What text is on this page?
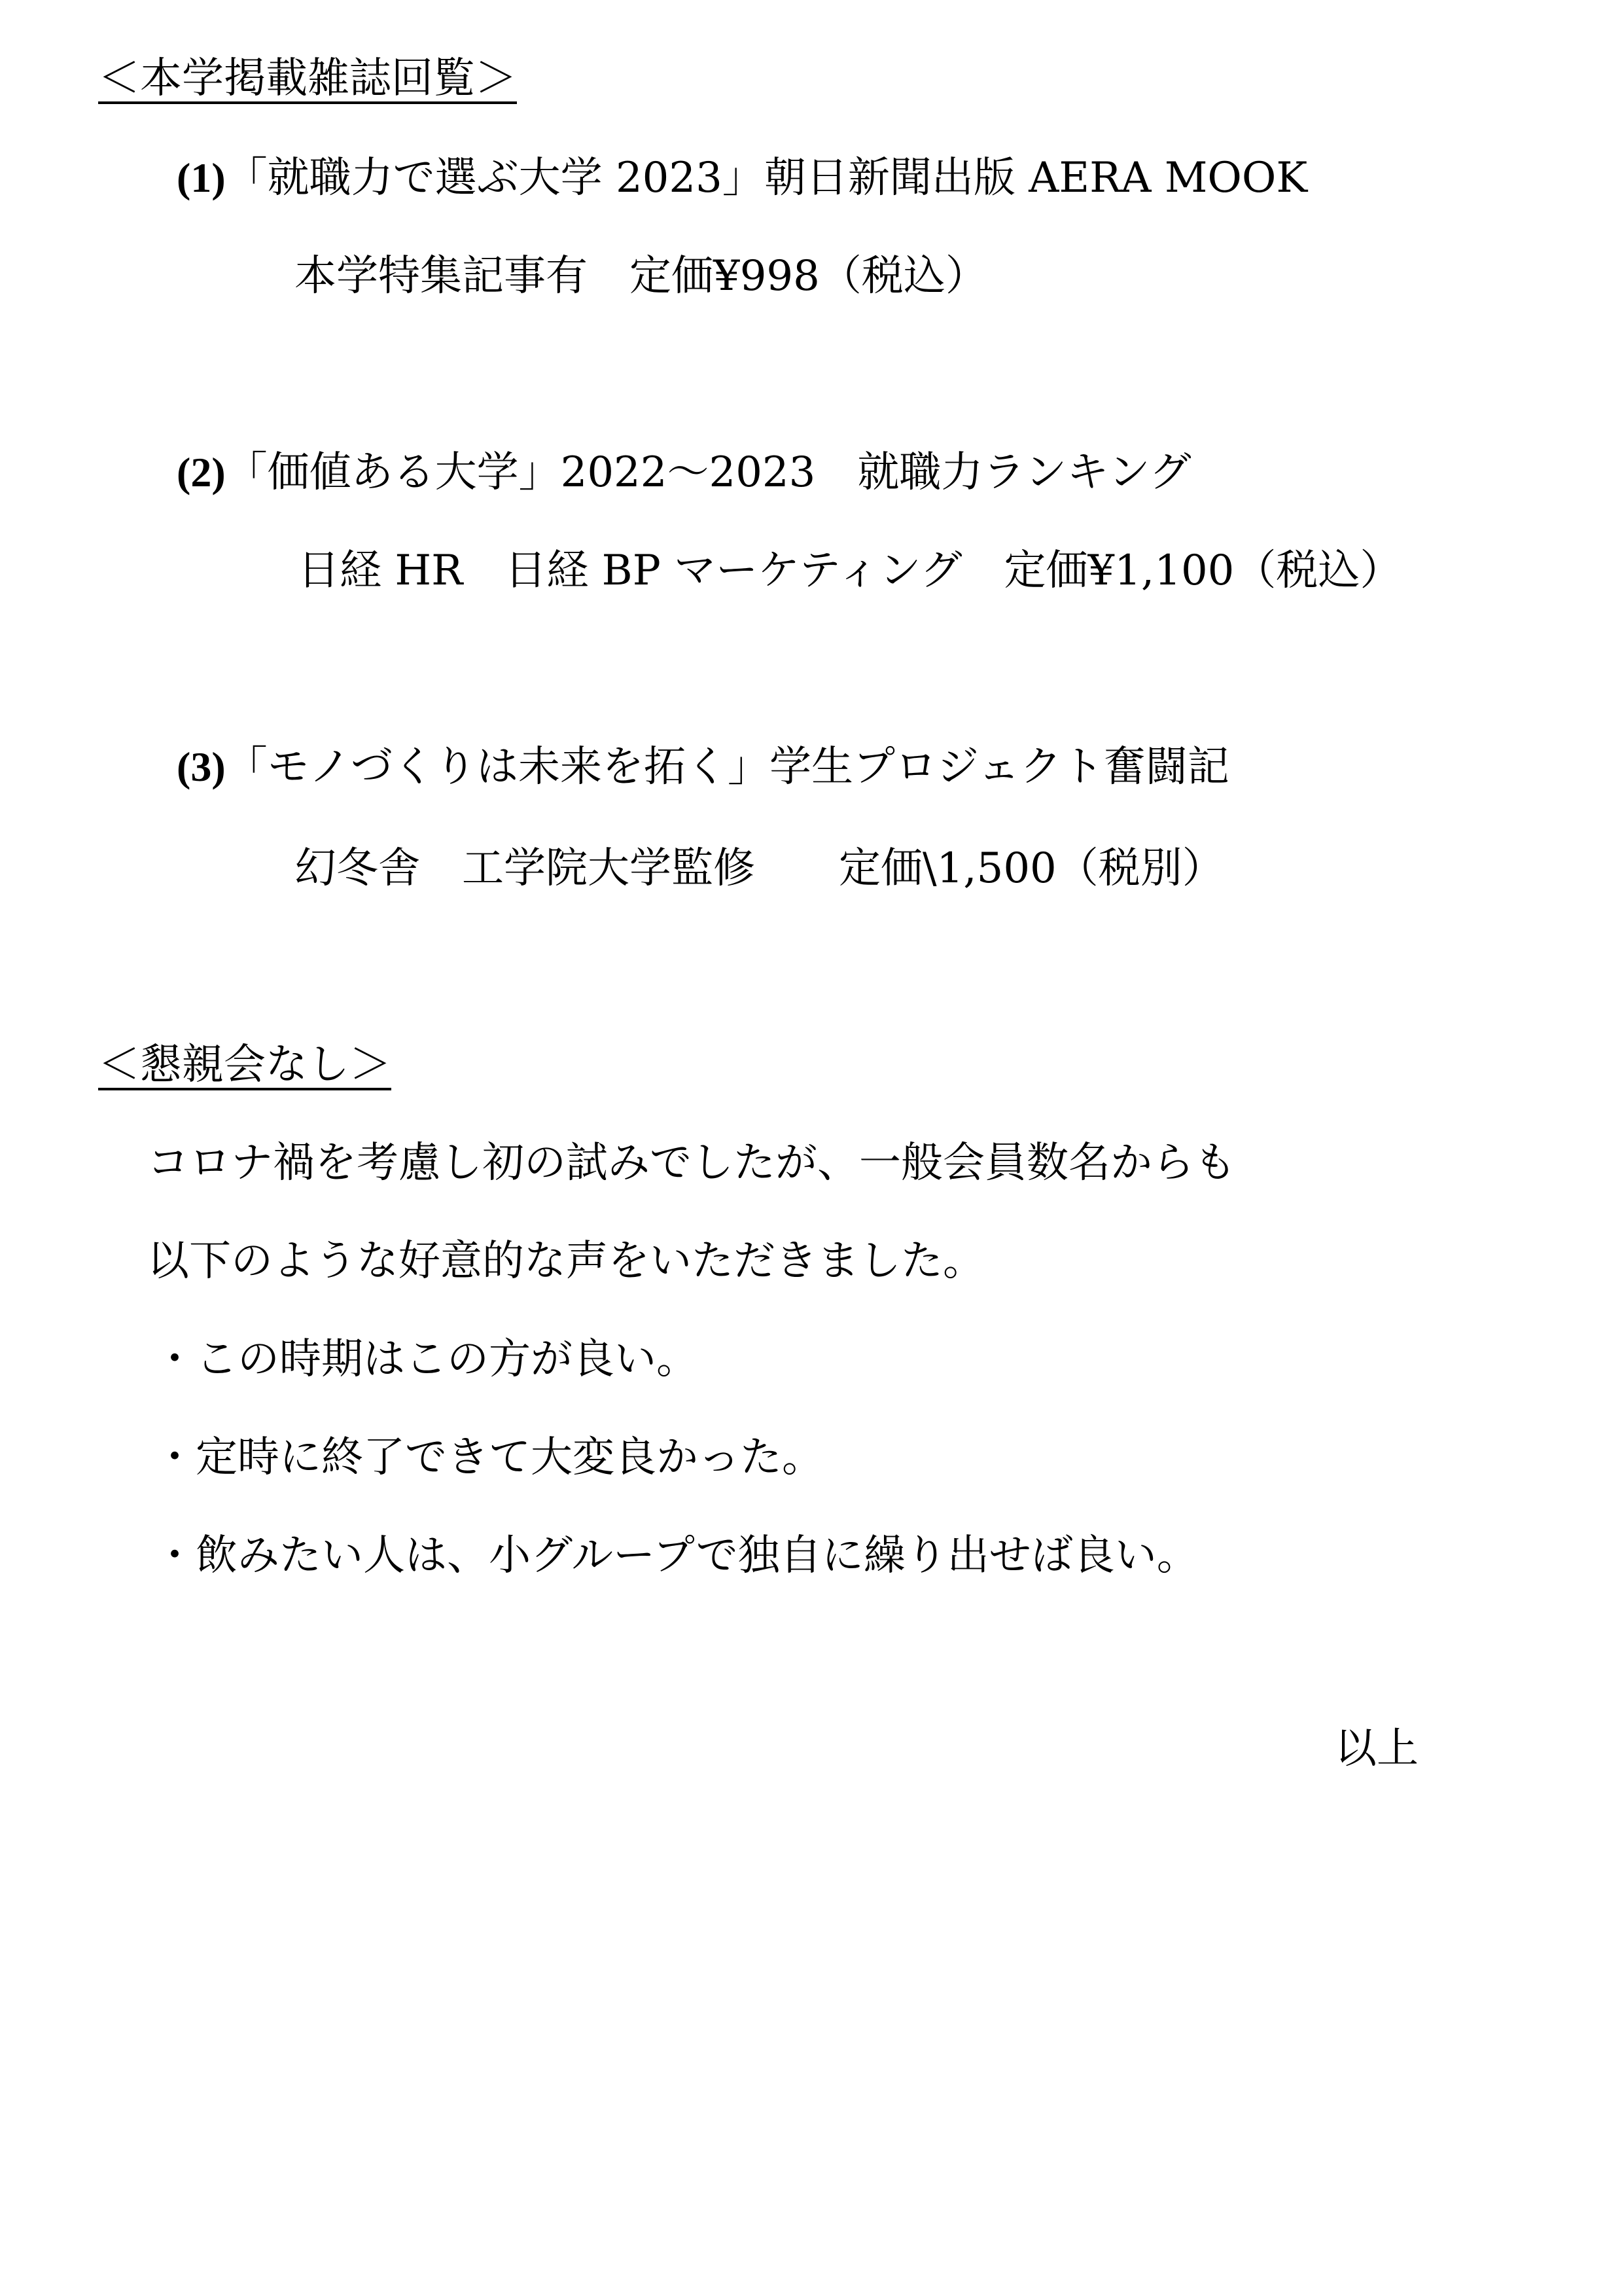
＜本学掲載雑誌回覧＞
(1)「就職力で選ぶ大学 2023」朝日新聞出版 AERA MOOK
本学特集記事有　定価¥998（税込）
(2)「価値ある大学」2022～2023　就職力ランキング
日経 HR　日経 BP マーケティング　定価¥1,100（税込）
(3)「モノづくりは未来を拓く」学生プロジェクト奮闘記
幻冬舎　工学院大学監修　　定価\1,500（税別）
＜懇親会なし＞
コロナ禍を考慮し初の試みでしたが、一般会員数名からも
以下のような好意的な声をいただきました。
・この時期はこの方が良い。
・定時に終了できて大変良かった。
・飲みたい人は、小グループで独自に繰り出せば良い。
以上
